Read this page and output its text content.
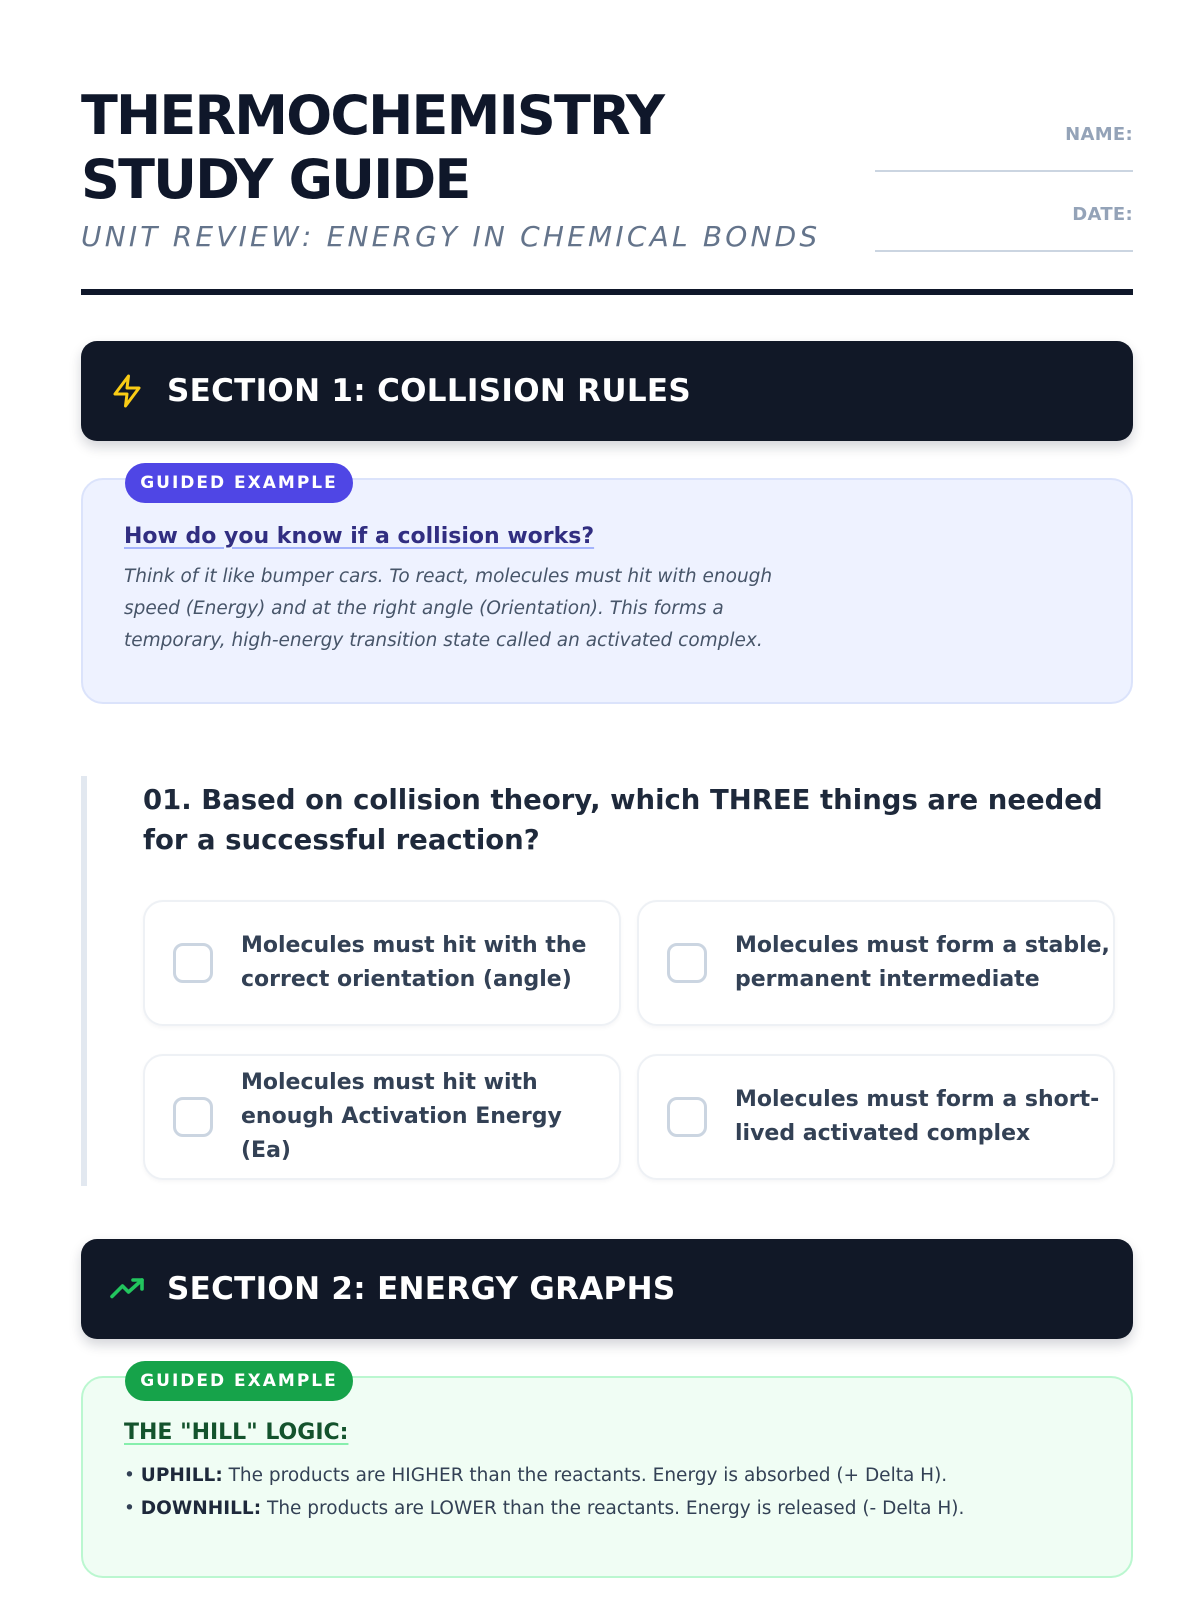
THERMOCHEMISTRY
STUDY GUIDE
UNIT REVIEW: ENERGY IN CHEMICAL BONDS
NAME:
DATE:
SECTION 1: COLLISION RULES
GUIDED EXAMPLE
How do you know if a collision works?
Think of it like bumper cars. To react, molecules must hit with enough speed (Energy) and at the right angle (Orientation). This forms a temporary, high-energy transition state called an activated complex.
01. Based on collision theory, which THREE things are needed for a successful reaction?
Molecules must hit with the correct orientation (angle)
Molecules must form a stable, permanent intermediate
Molecules must hit with enough Activation Energy (Ea)
Molecules must form a short-lived activated complex
SECTION 2: ENERGY GRAPHS
GUIDED EXAMPLE
THE "HILL" LOGIC:
• UPHILL: The products are HIGHER than the reactants. Energy is absorbed (+ Delta H).
• DOWNHILL: The products are LOWER than the reactants. Energy is released (- Delta H).
